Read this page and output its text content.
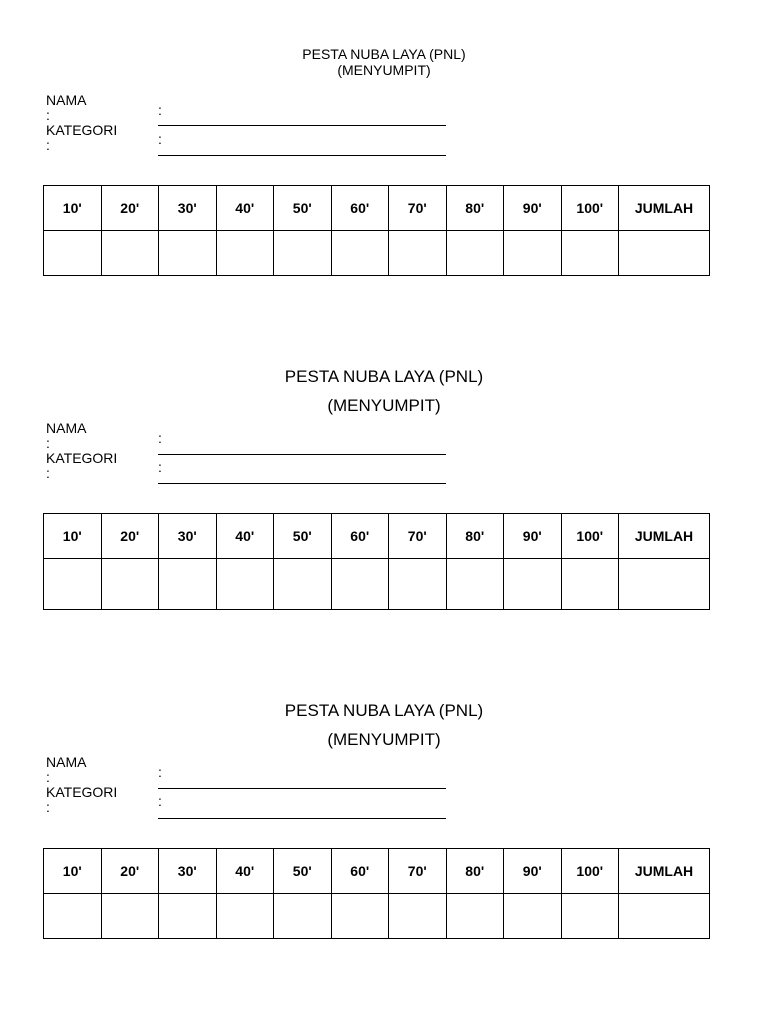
PESTA NUBA LAYA (PNL)
(MENYUMPIT)
NAMA
:	:
KATEGORI
:	:
10'	20'	30'	40'	50'	60'	70'	80'	90'	100'	JUMLAH

PESTA NUBA LAYA (PNL)
(MENYUMPIT)
NAMA
:	:
KATEGORI
:	:
10'	20'	30'	40'	50'	60'	70'	80'	90'	100'	JUMLAH

PESTA NUBA LAYA (PNL)
(MENYUMPIT)
NAMA
:	:
KATEGORI
:	:
10'	20'	30'	40'	50'	60'	70'	80'	90'	100'	JUMLAH
